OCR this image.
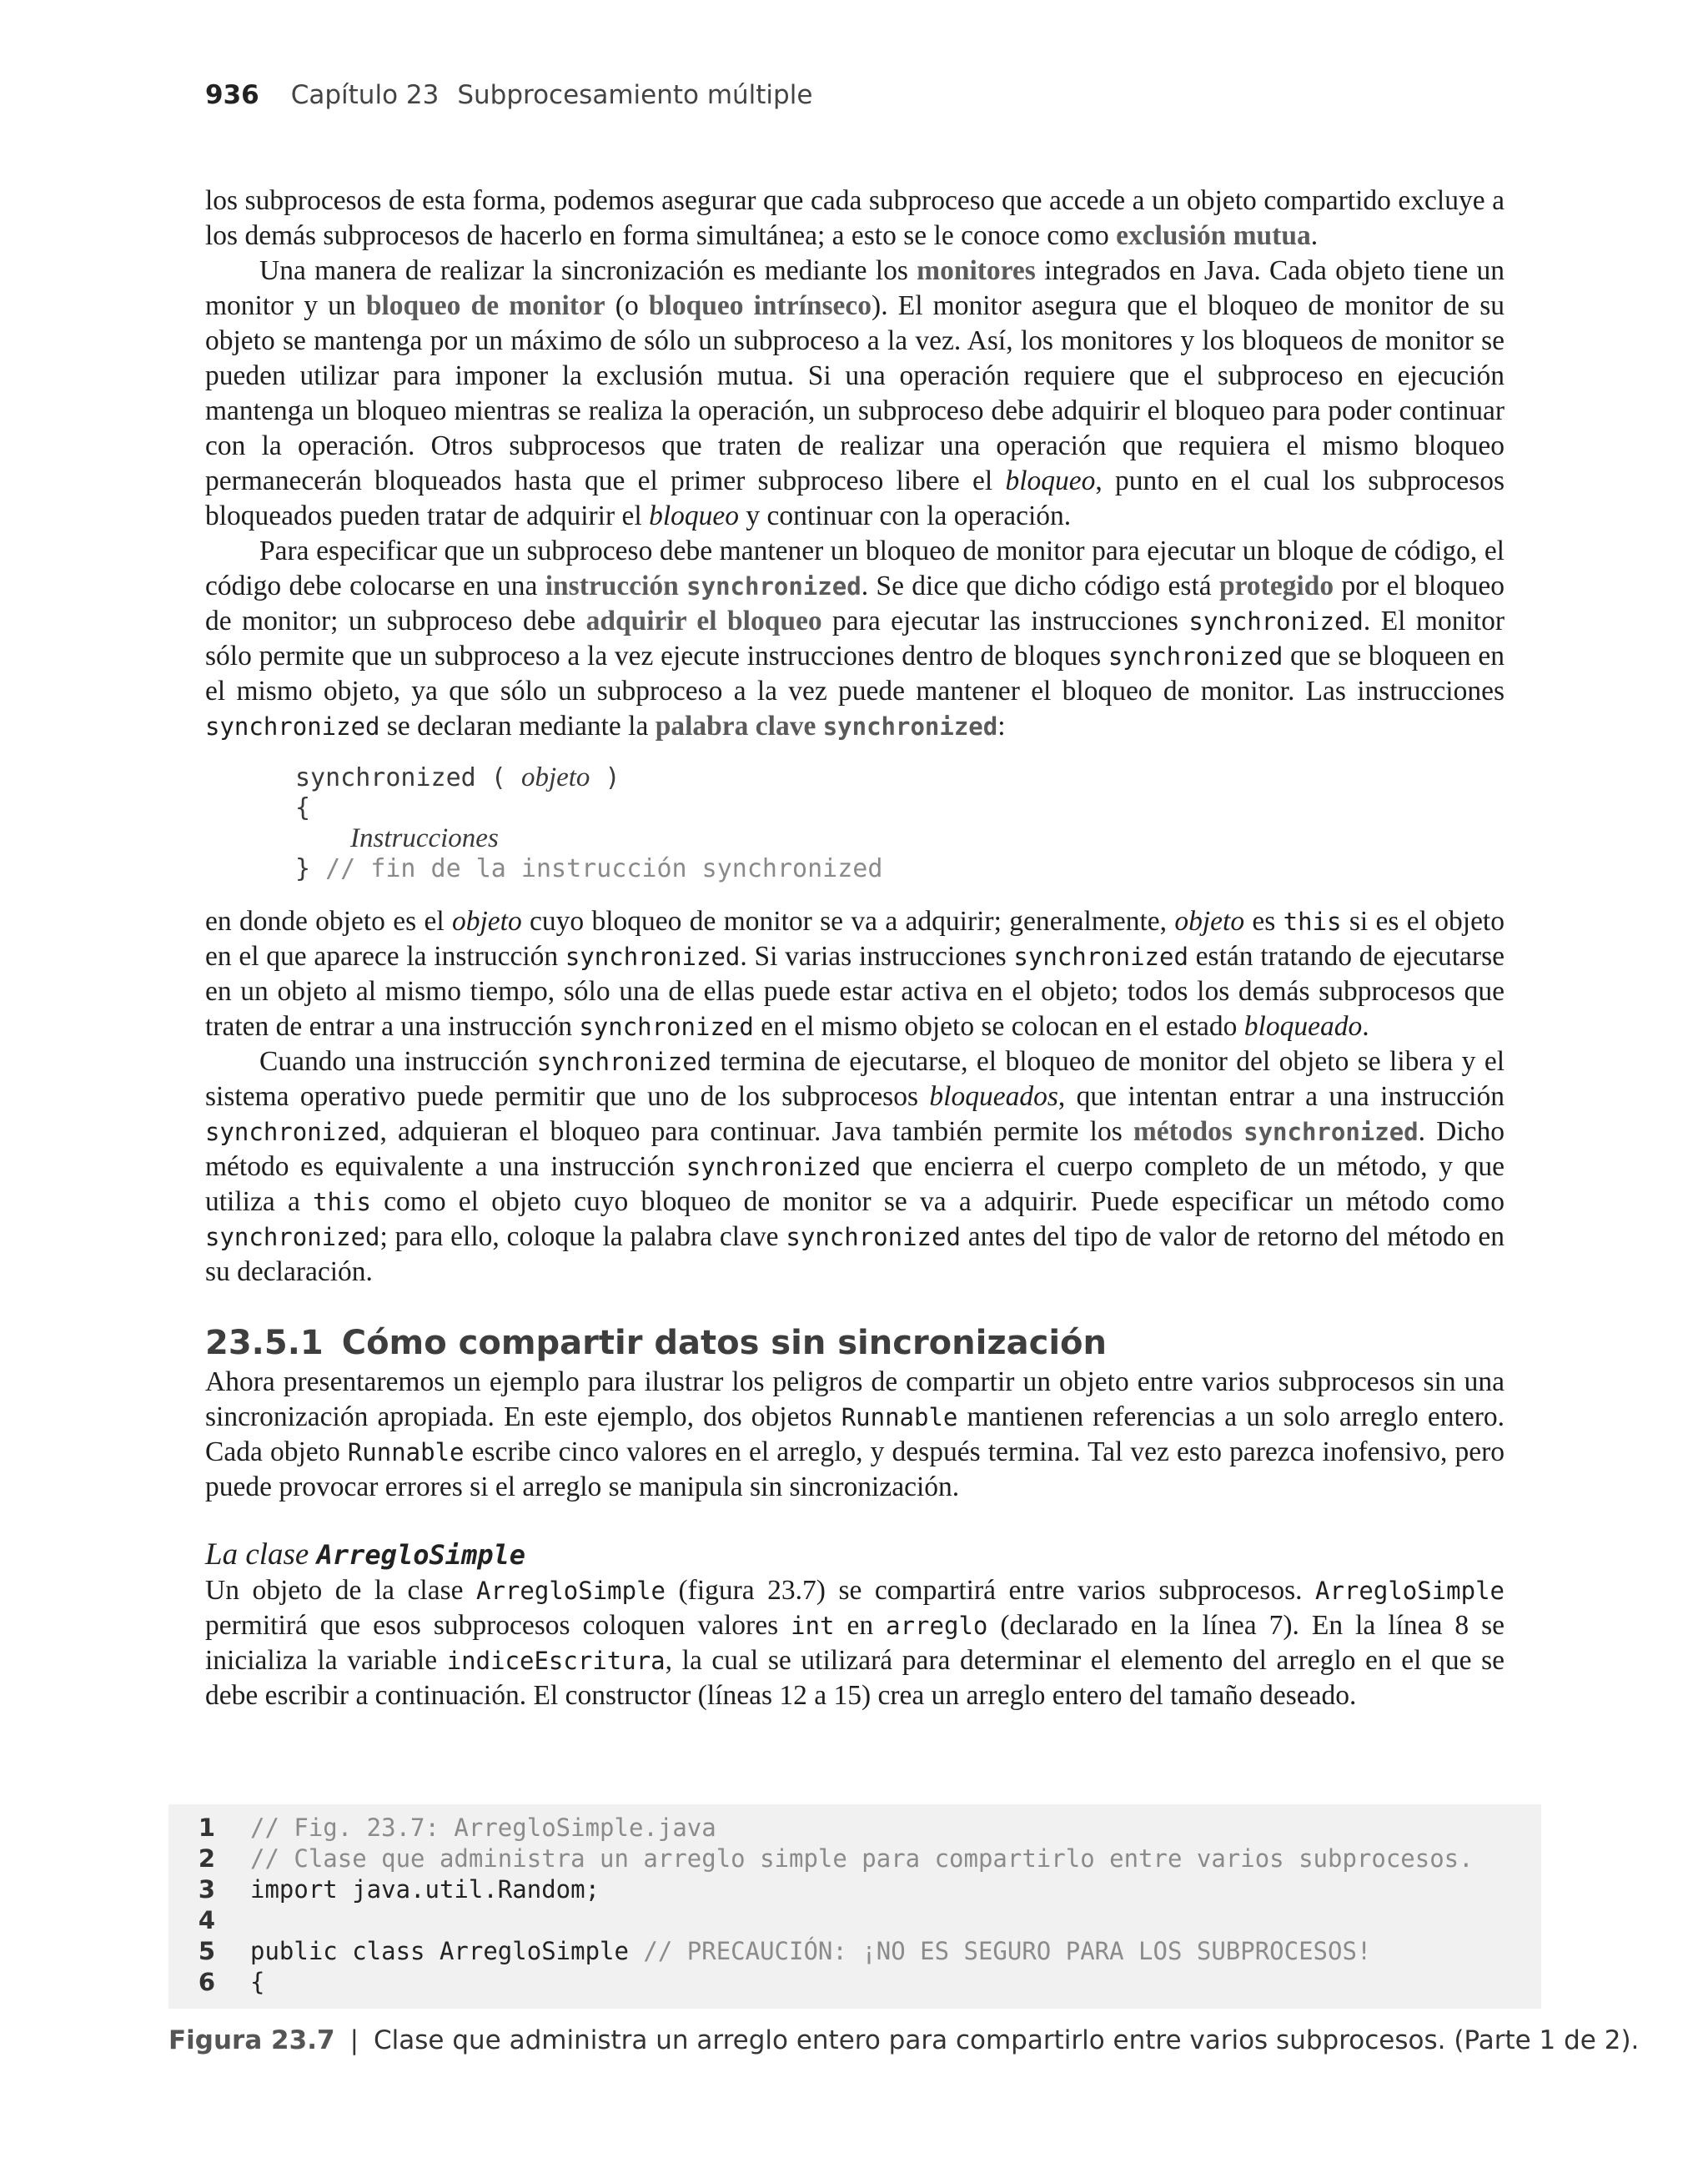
936 Capítulo 23 Subprocesamiento múltiple

los subprocesos de esta forma, podemos asegurar que cada subproceso que accede a un objeto compartido excluye a los demás subprocesos de hacerlo en forma simultánea; a esto se le conoce como exclusión mutua.

Una manera de realizar la sincronización es mediante los monitores integrados en Java. Cada objeto tiene un monitor y un bloqueo de monitor (o bloqueo intrínseco). El monitor asegura que el bloqueo de monitor de su objeto se mantenga por un máximo de sólo un subproceso a la vez. Así, los monitores y los bloqueos de monitor se pueden utilizar para imponer la exclusión mutua. Si una operación requiere que el subproceso en ejecución mantenga un bloqueo mientras se realiza la operación, un subproceso debe adquirir el bloqueo para poder continuar con la operación. Otros subprocesos que traten de realizar una operación que requiera el mismo bloqueo permanecerán bloqueados hasta que el primer subproceso libere el bloqueo, punto en el cual los subprocesos bloqueados pueden tratar de adquirir el bloqueo y continuar con la operación.

Para especificar que un subproceso debe mantener un bloqueo de monitor para ejecutar un bloque de código, el código debe colocarse en una instrucción synchronized. Se dice que dicho código está protegido por el bloqueo de monitor; un subproceso debe adquirir el bloqueo para ejecutar las instrucciones synchronized. El monitor sólo permite que un subproceso a la vez ejecute instrucciones dentro de bloques synchronized que se bloqueen en el mismo objeto, ya que sólo un subproceso a la vez puede mantener el bloqueo de monitor. Las instrucciones synchronized se declaran mediante la palabra clave synchronized:

synchronized ( objeto )
{
Instrucciones
} // fin de la instrucción synchronized

en donde objeto es el objeto cuyo bloqueo de monitor se va a adquirir; generalmente, objeto es this si es el objeto en el que aparece la instrucción synchronized. Si varias instrucciones synchronized están tratando de ejecutarse en un objeto al mismo tiempo, sólo una de ellas puede estar activa en el objeto; todos los demás subprocesos que traten de entrar a una instrucción synchronized en el mismo objeto se colocan en el estado bloqueado.

Cuando una instrucción synchronized termina de ejecutarse, el bloqueo de monitor del objeto se libera y el sistema operativo puede permitir que uno de los subprocesos bloqueados, que intentan entrar a una instrucción synchronized, adquieran el bloqueo para continuar. Java también permite los métodos synchronized. Dicho método es equivalente a una instrucción synchronized que encierra el cuerpo completo de un método, y que utiliza a this como el objeto cuyo bloqueo de monitor se va a adquirir. Puede especificar un método como synchronized; para ello, coloque la palabra clave synchronized antes del tipo de valor de retorno del método en su declaración.

23.5.1 Cómo compartir datos sin sincronización

Ahora presentaremos un ejemplo para ilustrar los peligros de compartir un objeto entre varios subprocesos sin una sincronización apropiada. En este ejemplo, dos objetos Runnable mantienen referencias a un solo arreglo entero. Cada objeto Runnable escribe cinco valores en el arreglo, y después termina. Tal vez esto parezca inofensivo, pero puede provocar errores si el arreglo se manipula sin sincronización.

La clase ArregloSimple

Un objeto de la clase ArregloSimple (figura 23.7) se compartirá entre varios subprocesos. ArregloSimple permitirá que esos subprocesos coloquen valores int en arreglo (declarado en la línea 7). En la línea 8 se inicializa la variable indiceEscritura, la cual se utilizará para determinar el elemento del arreglo en el que se debe escribir a continuación. El constructor (líneas 12 a 15) crea un arreglo entero del tamaño deseado.

1 // Fig. 23.7: ArregloSimple.java
2 // Clase que administra un arreglo simple para compartirlo entre varios subprocesos.
3 import java.util.Random;
4
5 public class ArregloSimple // PRECAUCIÓN: ¡NO ES SEGURO PARA LOS SUBPROCESOS!
6 {
Figura 23.7 | Clase que administra un arreglo entero para compartirlo entre varios subprocesos. (Parte 1 de 2).
